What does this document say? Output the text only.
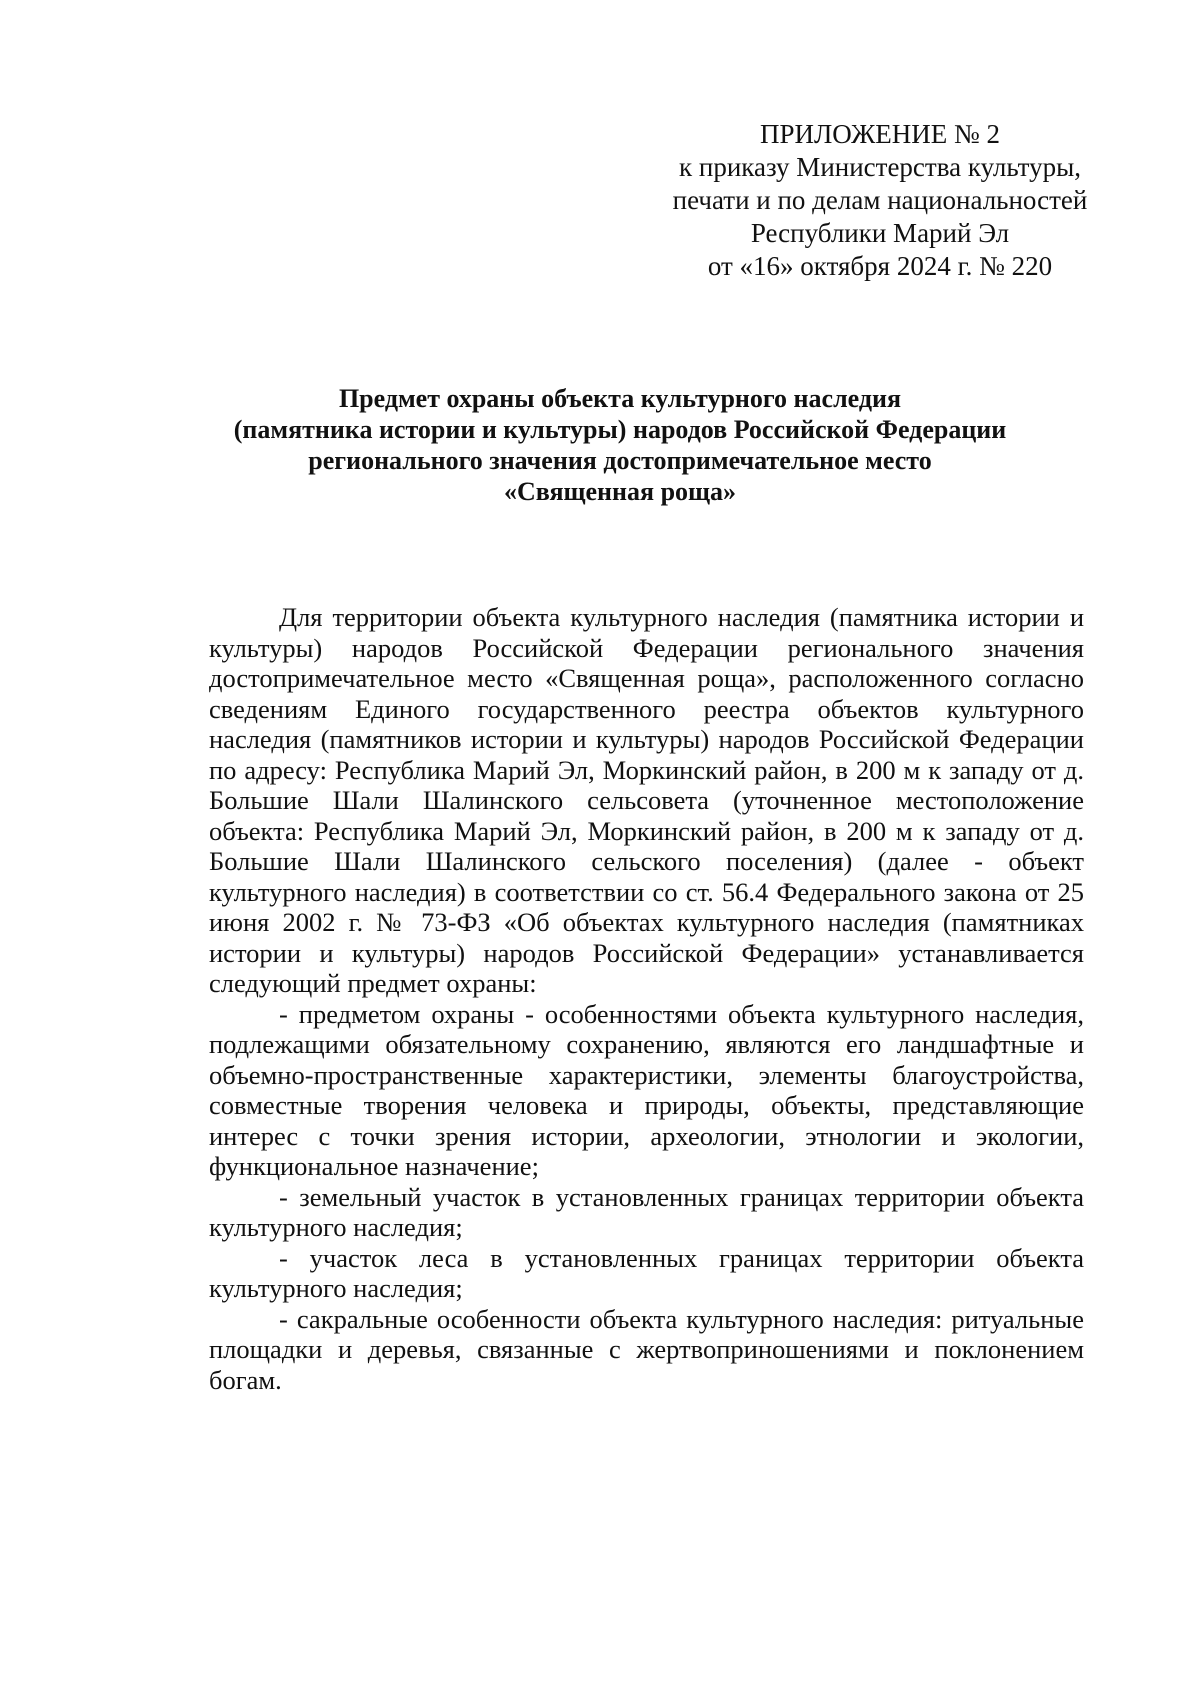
ПРИЛОЖЕНИЕ № 2
к приказу Министерства культуры,
печати и по делам национальностей
Республики Марий Эл
от «16» октября 2024 г. № 220
Предмет охраны объекта культурного наследия
(памятника истории и культуры) народов Российской Федерации
регионального значения достопримечательное место
«Священная роща»

Для территории объекта культурного наследия (памятника истории и культуры) народов Российской Федерации регионального значения достопримечательное место «Священная роща», расположенного согласно сведениям Единого государственного реестра объектов культурного наследия (памятников истории и культуры) народов Российской Федерации по адресу: Республика Марий Эл, Моркинский район, в 200 м к западу от д. Большие Шали Шалинского сельсовета (уточненное местоположение объекта: Республика Марий Эл, Моркинский район, в 200 м к западу от д. Большие Шали Шалинского сельского поселения) (далее - объект культурного наследия) в соответствии со ст. 56.4 Федерального закона от 25 июня 2002 г. № 73-ФЗ «Об объектах культурного наследия (памятниках истории и культуры) народов Российской Федерации» устанавливается следующий предмет охраны:

- предметом охраны - особенностями объекта культурного наследия, подлежащими обязательному сохранению, являются его ландшафтные и объемно-пространственные характеристики, элементы благоустройства, совместные творения человека и природы, объекты, представляющие интерес с точки зрения истории, археологии, этнологии и экологии, функциональное назначение;

- земельный участок в установленных границах территории объекта культурного наследия;

- участок леса в установленных границах территории объекта культурного наследия;

- сакральные особенности объекта культурного наследия: ритуальные площадки и деревья, связанные с жертвоприношениями и поклонением богам.
